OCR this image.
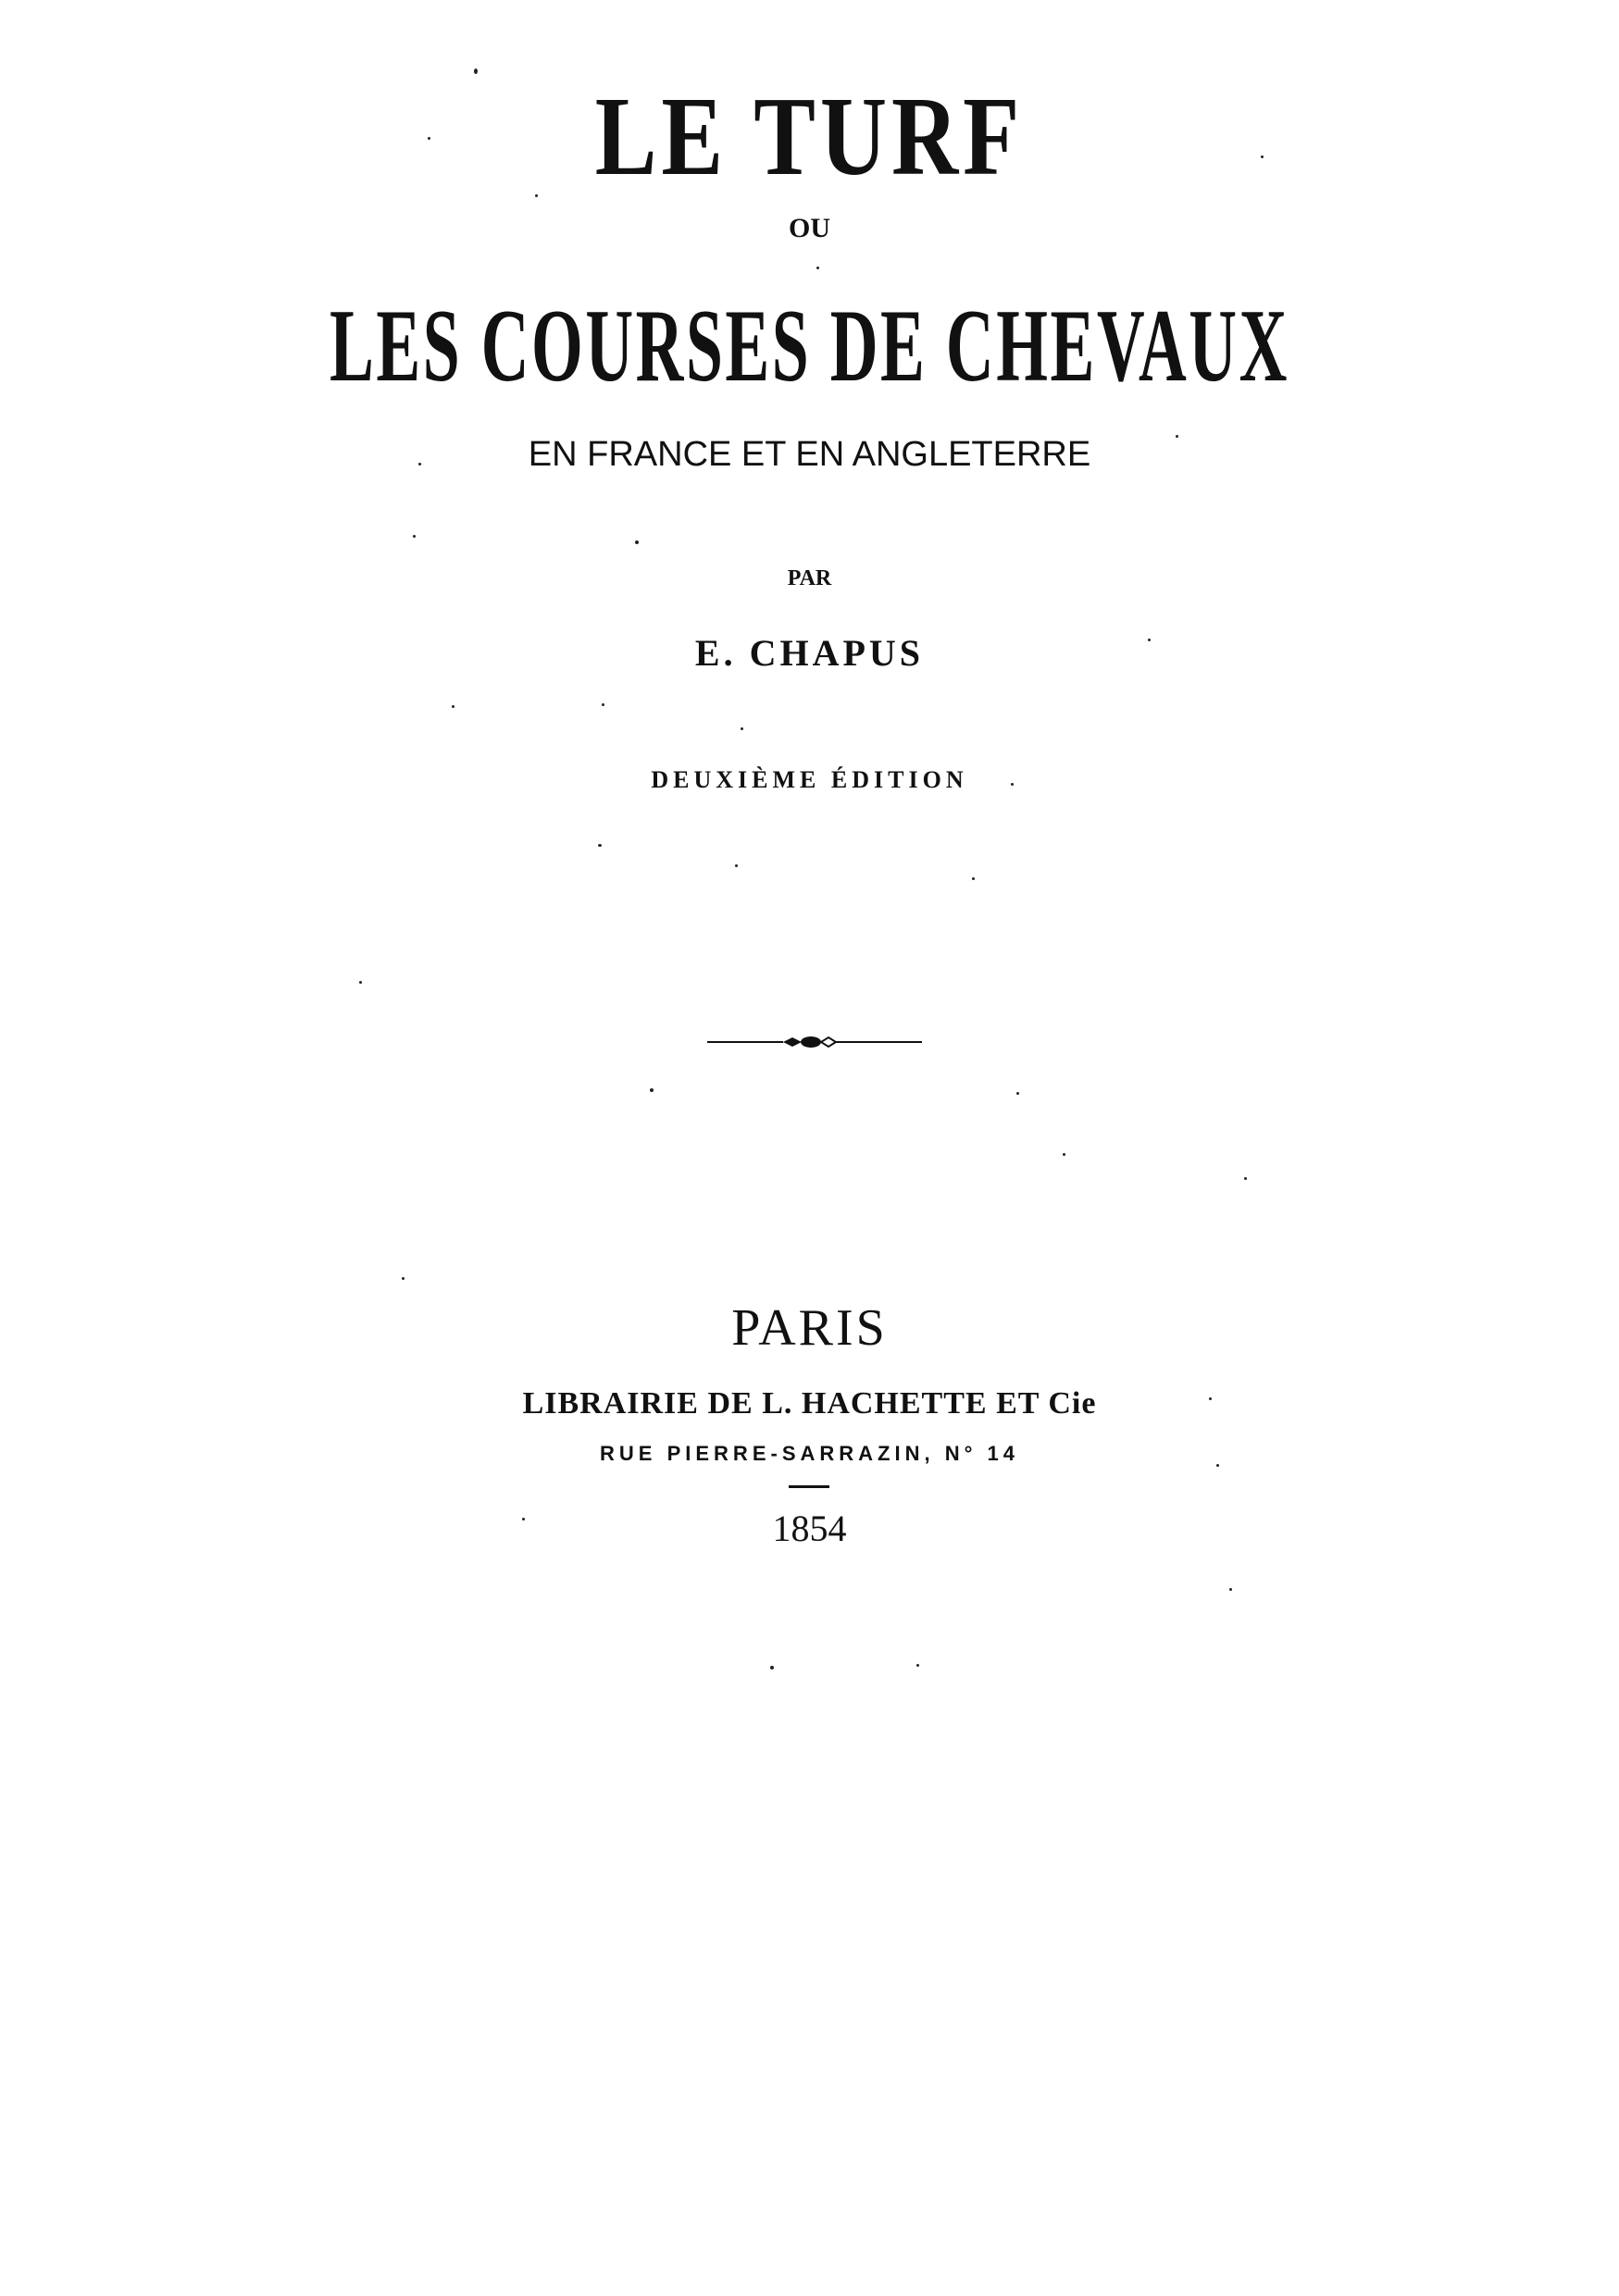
LE TURF

OU

LES COURSES DE CHEVAUX

EN FRANCE ET EN ANGLETERRE

PAR

E. CHAPUS

DEUXIÈME ÉDITION

PARIS

LIBRAIRIE DE L. HACHETTE ET Cie

RUE PIERRE-SARRAZIN, N° 14

1854
